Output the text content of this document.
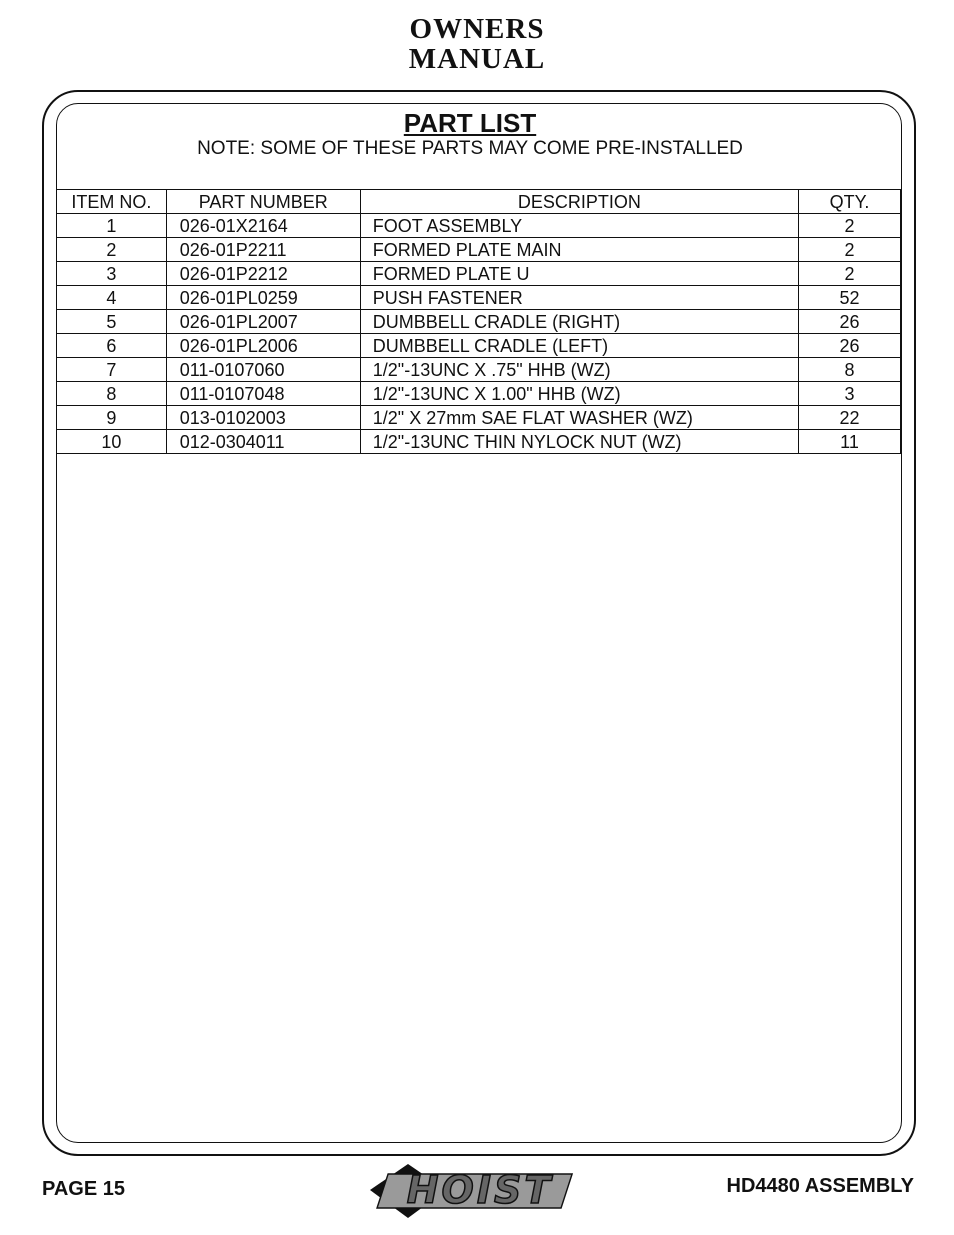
OWNERS
MANUAL
PART LIST
NOTE: SOME OF THESE PARTS MAY COME PRE-INSTALLED
ITEM NO.	PART NUMBER	DESCRIPTION	QTY.
1	026-01X2164	FOOT ASSEMBLY	2
2	026-01P2211	FORMED PLATE MAIN	2
3	026-01P2212	FORMED PLATE U	2
4	026-01PL0259	PUSH FASTENER	52
5	026-01PL2007	DUMBBELL CRADLE (RIGHT)	26
6	026-01PL2006	DUMBBELL CRADLE (LEFT)	26
7	011-0107060	1/2"-13UNC X .75" HHB (WZ)	8
8	011-0107048	1/2"-13UNC X 1.00" HHB (WZ)	3
9	013-0102003	1/2" X 27mm SAE FLAT WASHER (WZ)	22
10	012-0304011	1/2"-13UNC THIN NYLOCK NUT (WZ)	11
PAGE 15	HOIST	HD4480 ASSEMBLY
